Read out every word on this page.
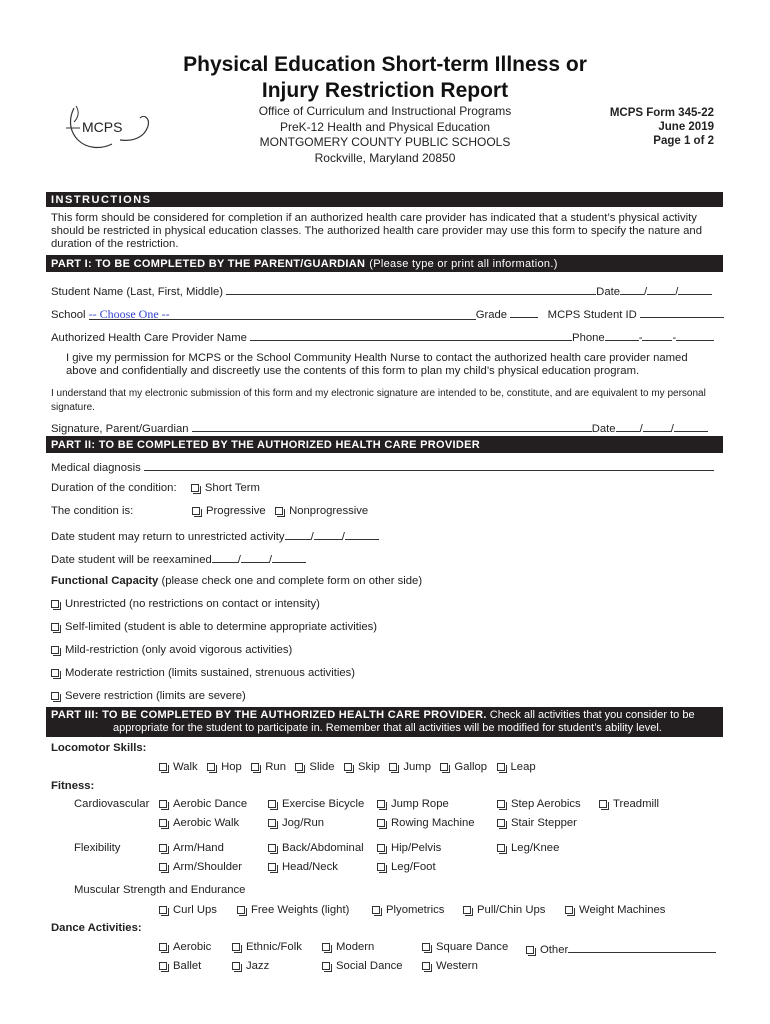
Physical Education Short-term Illness or
Injury Restriction Report
MCPS
Office of Curriculum and Instructional Programs
PreK-12 Health and Physical Education
MONTGOMERY COUNTY PUBLIC SCHOOLS
Rockville, Maryland 20850
MCPS Form 345-22
June 2019
Page 1 of 2
INSTRUCTIONS
This form should be considered for completion if an authorized health care provider has indicated that a student’s physical activity
should be restricted in physical education classes. The authorized health care provider may use this form to specify the nature and
duration of the restriction.
PART I: TO BE COMPLETED BY THE PARENT/GUARDIAN (Please type or print all information.)
Student Name (Last, First, Middle)	Date / /
School -- Choose One --	Grade	MCPS Student ID
Authorized Health Care Provider Name	Phone	-	-
I give my permission for MCPS or the School Community Health Nurse to contact the authorized health care provider named
above and confidentially and discreetly use the contents of this form to plan my child’s physical education program.
I understand that my electronic submission of this form and my electronic signature are intended to be, constitute, and are equivalent to my personal
signature.
Signature, Parent/Guardian	Date / /
PART II: TO BE COMPLETED BY THE AUTHORIZED HEALTH CARE PROVIDER
Medical diagnosis
Duration of the condition:	Short Term
The condition is:	Progressive Nonprogressive
Date student may return to unrestricted activity / /
Date student will be reexamined / /
Functional Capacity (please check one and complete form on other side)
Unrestricted (no restrictions on contact or intensity)
Self-limited (student is able to determine appropriate activities)
Mild-restriction (only avoid vigorous activities)
Moderate restriction (limits sustained, strenuous activities)
Severe restriction (limits are severe)
PART III: TO BE COMPLETED BY THE AUTHORIZED HEALTH CARE PROVIDER. Check all activities that you consider to be
appropriate for the student to participate in. Remember that all activities will be modified for student’s ability level.
Locomotor Skills:
Walk Hop Run Slide Skip Jump Gallop Leap
Fitness:
Cardiovascular	Aerobic Dance	Exercise Bicycle	Jump Rope	Step Aerobics	Treadmill
Aerobic Walk	Jog/Run	Rowing Machine	Stair Stepper
Flexibility	Arm/Hand	Back/Abdominal	Hip/Pelvis	Leg/Knee
Arm/Shoulder	Head/Neck	Leg/Foot
Muscular Strength and Endurance
Curl Ups	Free Weights (light)	Plyometrics	Pull/Chin Ups	Weight Machines
Dance Activities:
Aerobic	Ethnic/Folk	Modern	Square Dance	Other
Ballet	Jazz	Social Dance	Western
